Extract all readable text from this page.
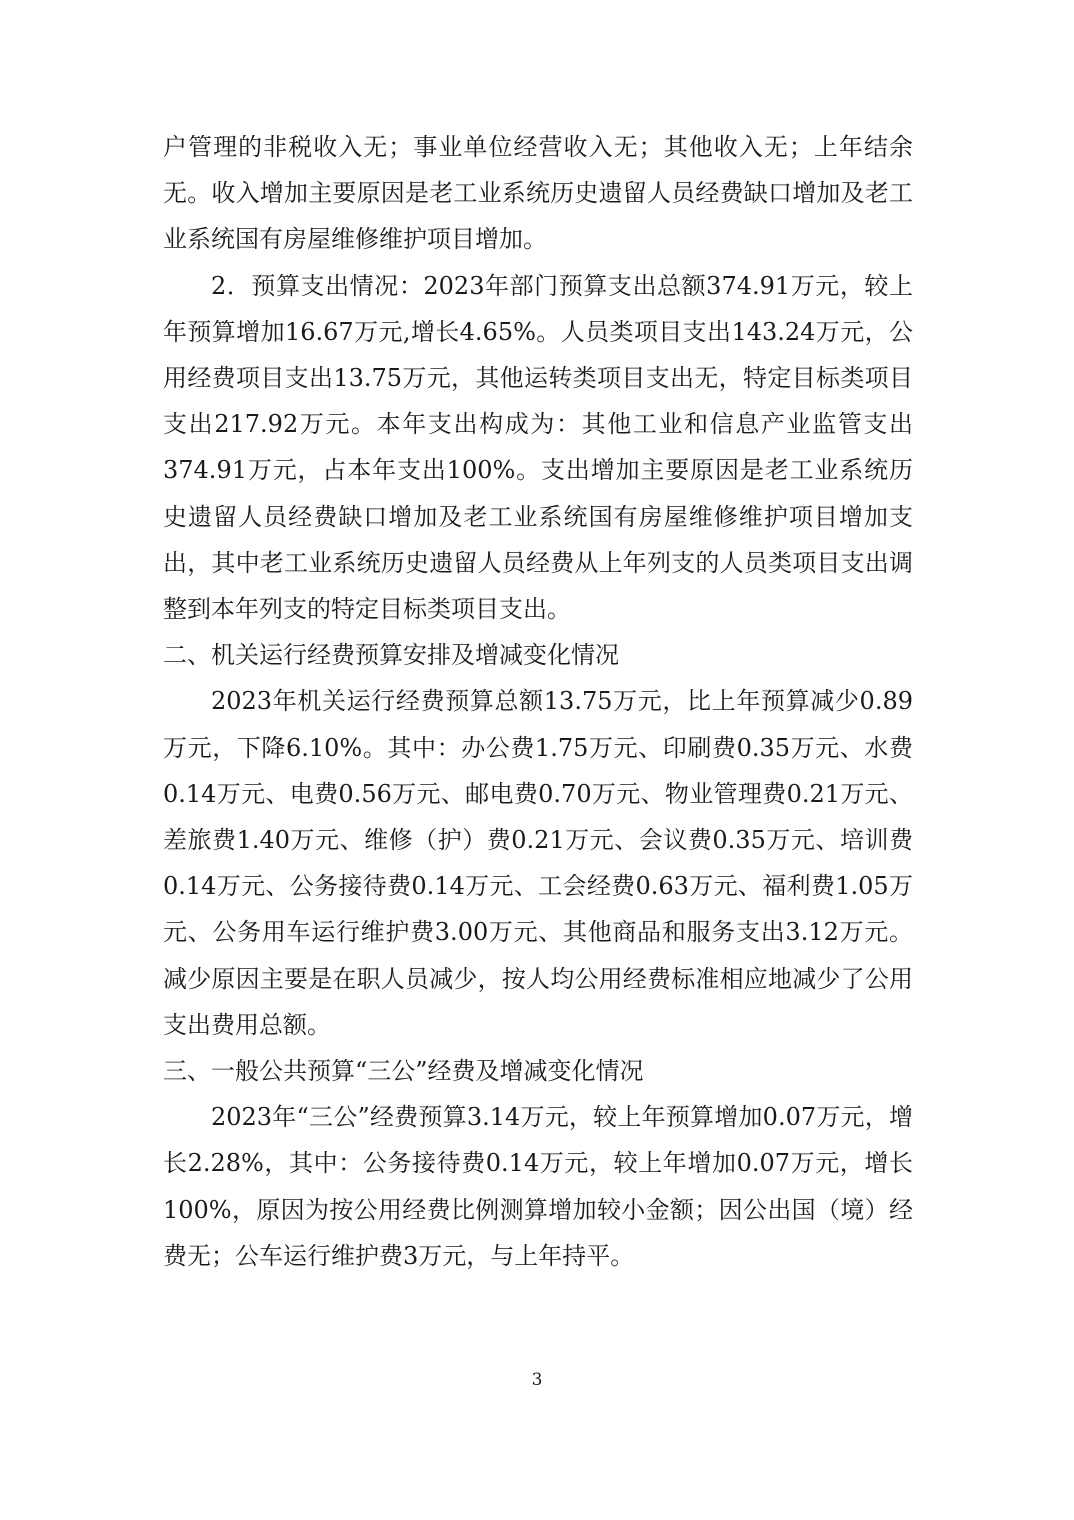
户管理的非税收入无；事业单位经营收入无；其他收入无；上年结余无。收入增加主要原因是老工业系统历史遗留人员经费缺口增加及老工业系统国有房屋维修维护项目增加。

2．预算支出情况：2023年部门预算支出总额374.91万元，较上年预算增加16.67万元,增长4.65%。人员类项目支出143.24万元，公用经费项目支出13.75万元，其他运转类项目支出无，特定目标类项目支出217.92万元。本年支出构成为：其他工业和信息产业监管支出374.91万元，占本年支出100%。支出增加主要原因是老工业系统历史遗留人员经费缺口增加及老工业系统国有房屋维修维护项目增加支出，其中老工业系统历史遗留人员经费从上年列支的人员类项目支出调整到本年列支的特定目标类项目支出。

二、机关运行经费预算安排及增减变化情况

2023年机关运行经费预算总额13.75万元，比上年预算减少0.89万元，下降6.10%。其中：办公费1.75万元、印刷费0.35万元、水费0.14万元、电费0.56万元、邮电费0.70万元、物业管理费0.21万元、差旅费1.40万元、维修（护）费0.21万元、会议费0.35万元、培训费0.14万元、公务接待费0.14万元、工会经费0.63万元、福利费1.05万元、公务用车运行维护费3.00万元、其他商品和服务支出3.12万元。减少原因主要是在职人员减少，按人均公用经费标准相应地减少了公用支出费用总额。

三、一般公共预算“三公”经费及增减变化情况

2023年“三公”经费预算3.14万元，较上年预算增加0.07万元，增长2.28%，其中：公务接待费0.14万元，较上年增加0.07万元，增长100%，原因为按公用经费比例测算增加较小金额；因公出国（境）经费无；公车运行维护费3万元，与上年持平。

3
